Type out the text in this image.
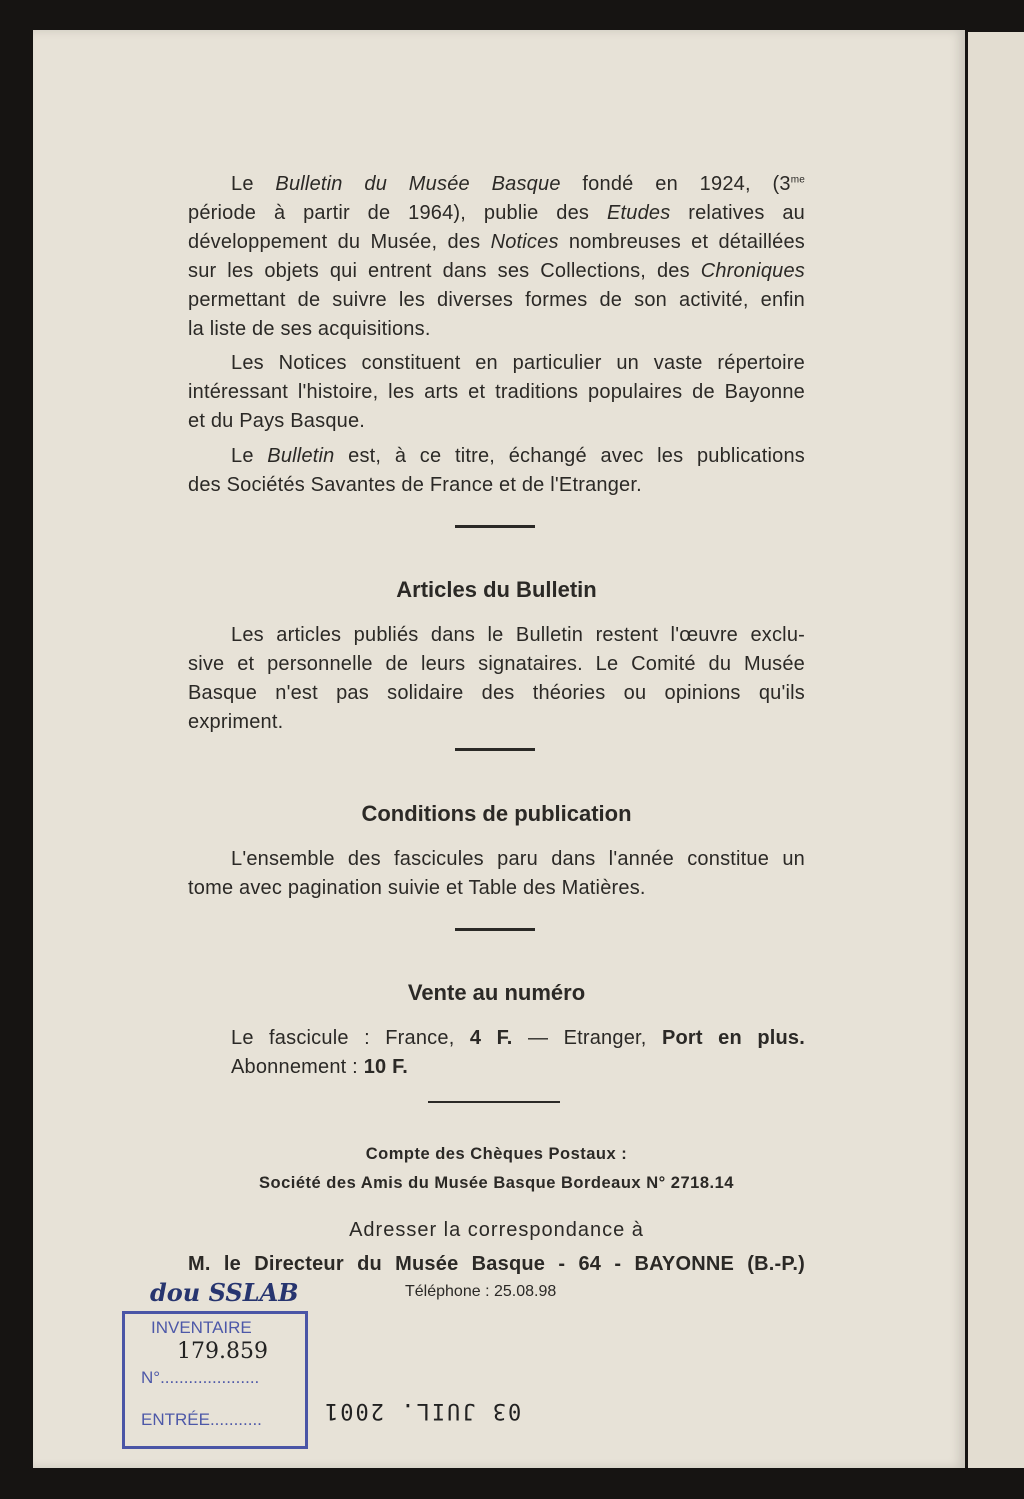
Le Bulletin du Musée Basque fondé en 1924, ($3^{me}$
période à partir de 1964), publie des Etudes relatives au
développement du Musée, des Notices nombreuses et détaillées
sur les objets qui entrent dans ses Collections, des Chroniques
permettant de suivre les diverses formes de son activité, enfin
la liste de ses acquisitions.
Les Notices constituent en particulier un vaste répertoire
intéressant l'histoire, les arts et traditions populaires de Bayonne
et du Pays Basque.
Le Bulletin est, à ce titre, échangé avec les publications
des Sociétés Savantes de France et de l'Etranger.
Les articles publiés dans le Bulletin restent l'œuvre exclu-
sive et personnelle de leurs signataires. Le Comité du Musée
Basque n'est pas solidaire des théories ou opinions qu'ils
expriment.
L'ensemble des fascicules paru dans l'année constitue un
tome avec pagination suivie et Table des Matières.
Articles du Bulletin
Conditions de publication
Vente au numéro
Le fascicule : France, 4 F. — Etranger, Port en plus.
Abonnement : 10 F.
Compte des Chèques Postaux :
Société des Amis du Musée Basque Bordeaux N° 2718.14
Adresser la correspondance à
M. le Directeur du Musée Basque - 64 - BAYONNE (B.-P.)
Téléphone : 25.08.98
dou SSLAB
INVENTAIRE
179.859
N°.....................
ENTRÉE...........	03 JUIL. 2001
